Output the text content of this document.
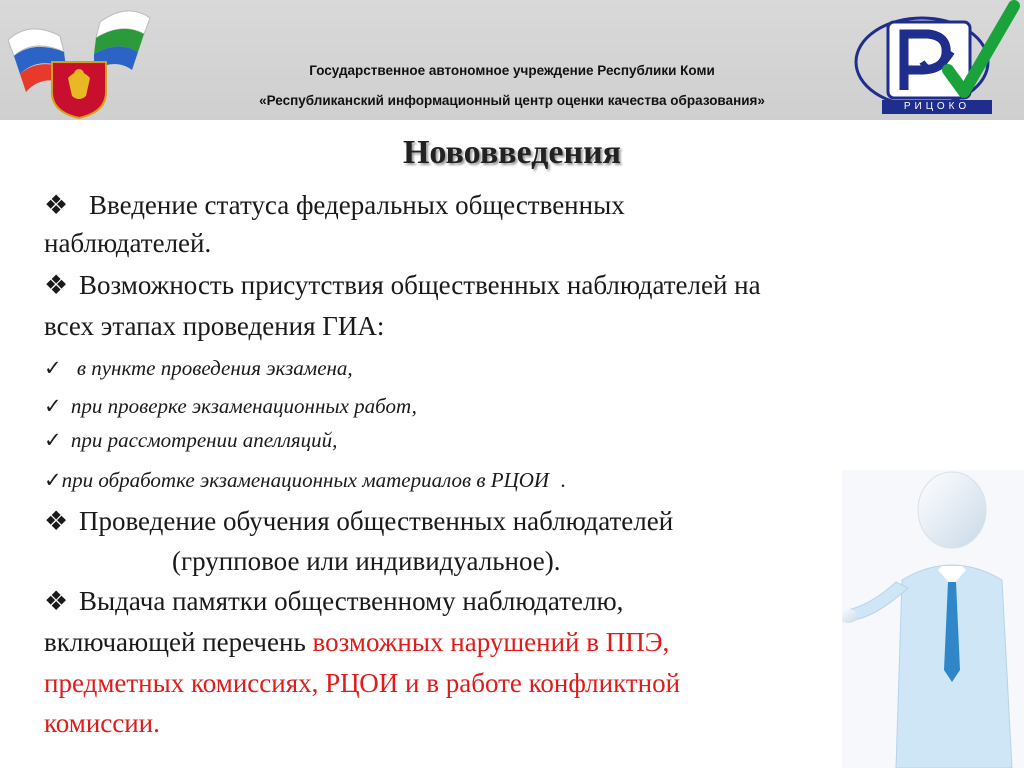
Государственное автономное учреждение Республики Коми
«Республиканский информационный центр оценки качества образования»	РИЦОКО
Нововведения
❖ Введение статуса федеральных общественных
наблюдателей.
❖ Возможность присутствия общественных наблюдателей на
всех этапах проведения ГИА:
✓ в пункте проведения экзамена,
✓ при проверке экзаменационных работ,
✓ при рассмотрении апелляций,
✓при обработке экзаменационных материалов в РЦОИ .
❖ Проведение обучения общественных наблюдателей
(групповое или индивидуальное).
❖ Выдача памятки общественному наблюдателю,
включающей перечень возможных нарушений в ППЭ,
предметных комиссиях, РЦОИ и в работе конфликтной
комиссии.
